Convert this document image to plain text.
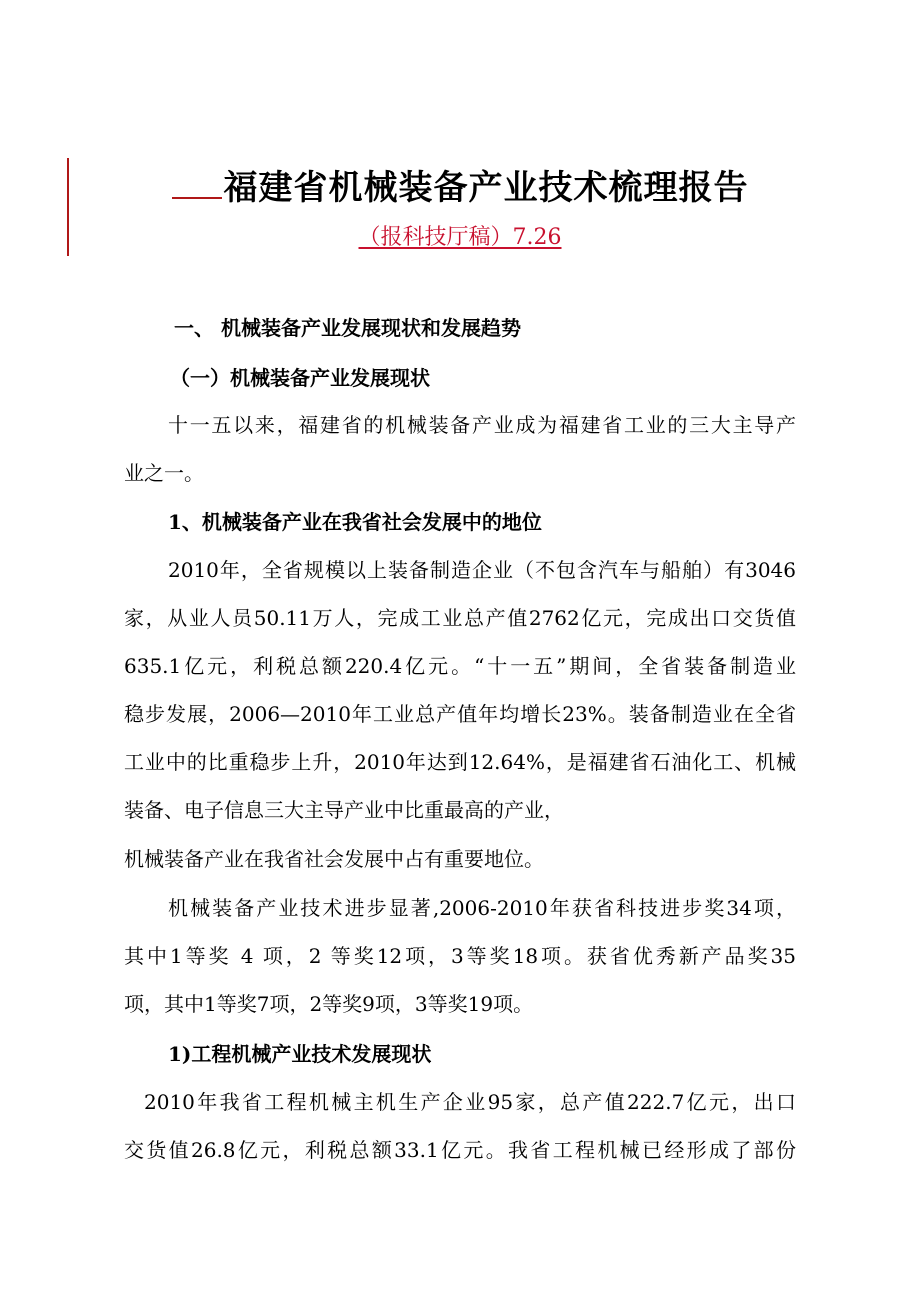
福建省机械装备产业技术梳理报告
（报科技厅稿）7.26
一、 机械装备产业发展现状和发展趋势
（一）机械装备产业发展现状
十一五以来，福建省的机械装备产业成为福建省工业的三大主导产
业之一。
1、机械装备产业在我省社会发展中的地位
2010年，全省规模以上装备制造企业（不包含汽车与船舶）有3046
家，从业人员50.11万人，完成工业总产值2762亿元，完成出口交货值
635.1亿元，利税总额220.4亿元。“十一五”期间，全省装备制造业
稳步发展，2006—2010年工业总产值年均增长23%。装备制造业在全省
工业中的比重稳步上升，2010年达到12.64%，是福建省石油化工、机械
装备、电子信息三大主导产业中比重最高的产业，
机械装备产业在我省社会发展中占有重要地位。
机械装备产业技术进步显著,2006-2010年获省科技进步奖34项，
其中1等奖 4 项，2 等奖12项，3等奖18项。获省优秀新产品奖35
项，其中1等奖7项，2等奖9项，3等奖19项。
1)工程机械产业技术发展现状
2010年我省工程机械主机生产企业95家，总产值222.7亿元，出口
交货值26.8亿元，利税总额33.1亿元。我省工程机械已经形成了部份
